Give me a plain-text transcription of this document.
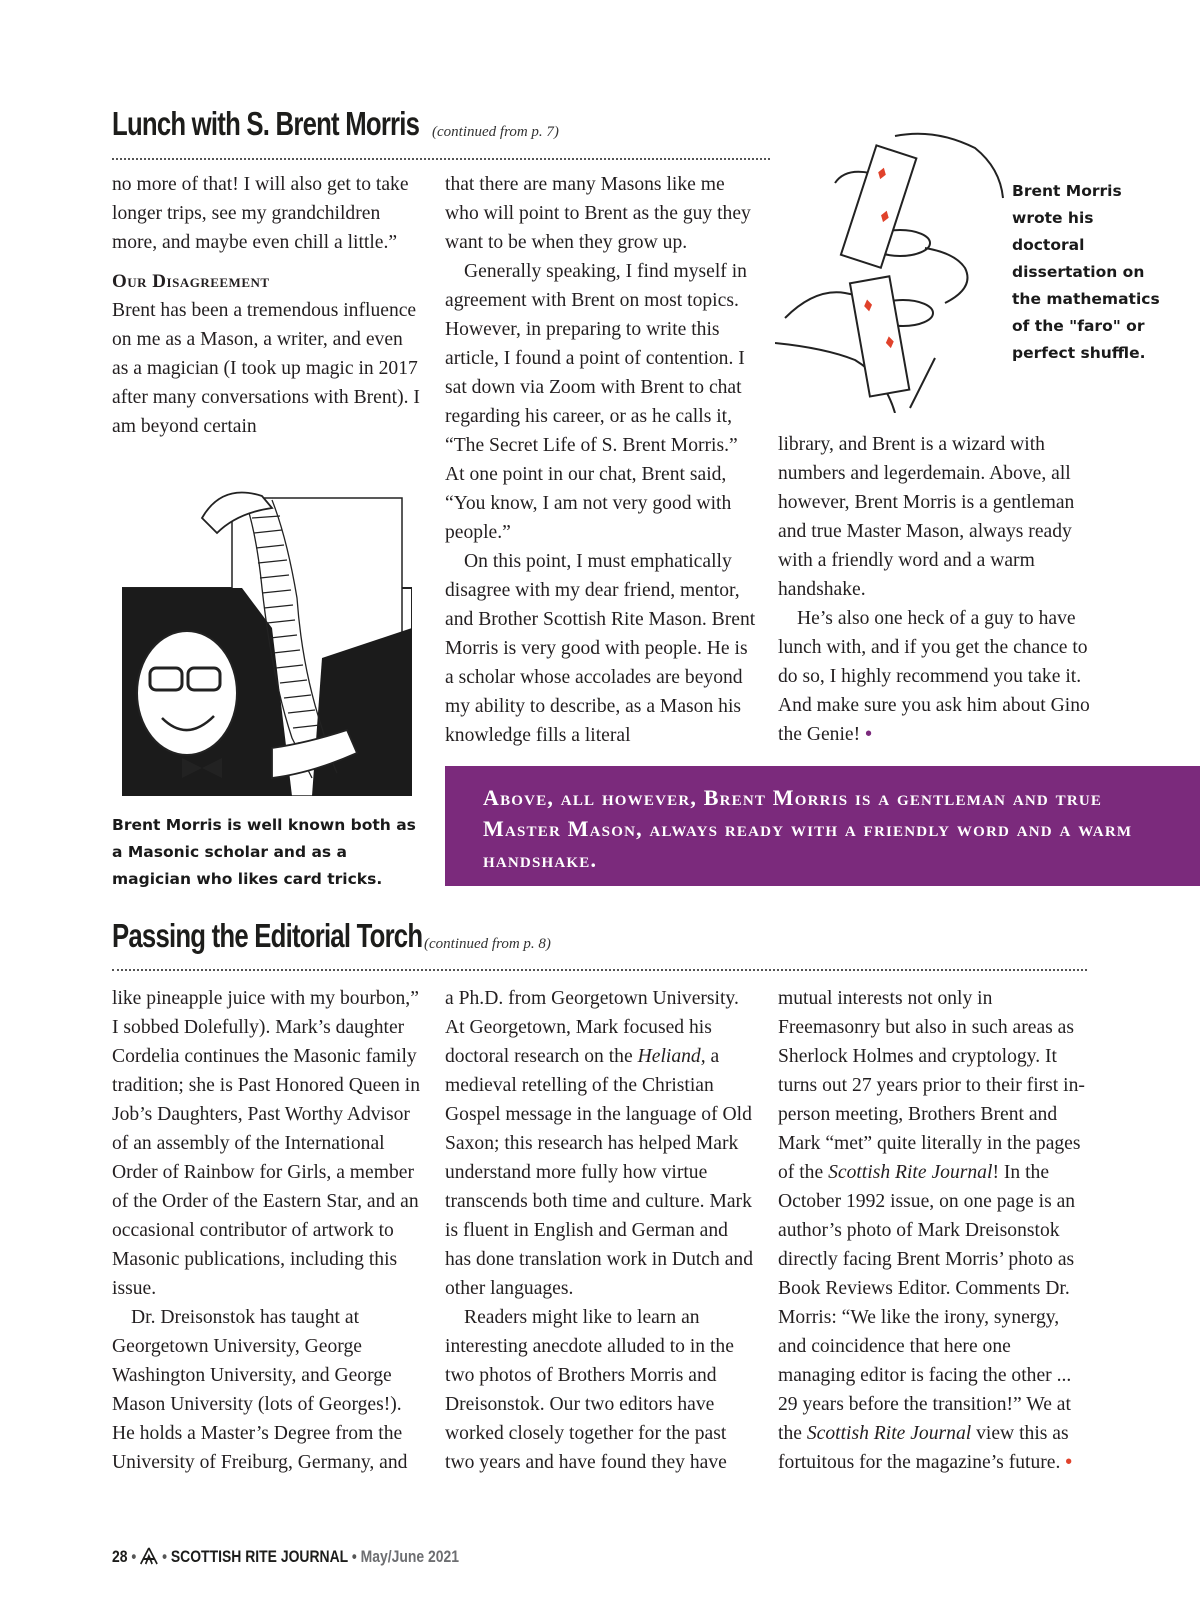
Lunch with S. Brent Morris (continued from p. 7)

no more of that! I will also get to take longer trips, see my grandchildren more, and maybe even chill a little.”

Our Disagreement

Brent has been a tremendous influence on me as a Mason, a writer, and even as a magician (I took up magic in 2017 after many conversations with Brent). I am beyond certain

Brent Morris is well known both as a Masonic scholar and as a magician who likes card tricks.

that there are many Masons like me who will point to Brent as the guy they want to be when they grow up.

Generally speaking, I find myself in agreement with Brent on most topics. However, in preparing to write this article, I found a point of contention. I sat down via Zoom with Brent to chat regarding his career, or as he calls it, “The Secret Life of S. Brent Morris.” At one point in our chat, Brent said, “You know, I am not very good with people.”

On this point, I must emphatically disagree with my dear friend, mentor, and Brother Scottish Rite Mason. Brent Morris is very good with people. He is a scholar whose accolades are beyond my ability to describe, as a Mason his knowledge fills a literal

Brent Morris wrote his doctoral dissertation on the mathematics of the "faro" or perfect shuffle.

library, and Brent is a wizard with numbers and legerdemain. Above, all however, Brent Morris is a gentleman and true Master Mason, always ready with a friendly word and a warm handshake.

He’s also one heck of a guy to have lunch with, and if you get the chance to do so, I highly recommend you take it. And make sure you ask him about Gino the Genie! •

Above, all however, Brent Morris is a gentleman and true Master Mason, always ready with a friendly word and a warm handshake.
Passing the Editorial Torch (continued from p. 8)

like pineapple juice with my bourbon,” I sobbed Dolefully). Mark’s daughter Cordelia continues the Masonic family tradition; she is Past Honored Queen in Job’s Daughters, Past Worthy Advisor of an assembly of the International Order of Rainbow for Girls, a member of the Order of the Eastern Star, and an occasional contributor of artwork to Masonic publications, including this issue.

Dr. Dreisonstok has taught at Georgetown University, George Washington University, and George Mason University (lots of Georges!). He holds a Master’s Degree from the University of Freiburg, Germany, and

a Ph.D. from Georgetown University. At Georgetown, Mark focused his doctoral research on the Heliand, a medieval retelling of the Christian Gospel message in the language of Old Saxon; this research has helped Mark understand more fully how virtue transcends both time and culture. Mark is fluent in English and German and has done translation work in Dutch and other languages.

Readers might like to learn an interesting anecdote alluded to in the two photos of Brothers Morris and Dreisonstok. Our two editors have worked closely together for the past two years and have found they have

mutual interests not only in Freemasonry but also in such areas as Sherlock Holmes and cryptology. It turns out 27 years prior to their first in-person meeting, Brothers Brent and Mark “met” quite literally in the pages of the Scottish Rite Journal! In the October 1992 issue, on one page is an author’s photo of Mark Dreisonstok directly facing Brent Morris’ photo as Book Reviews Editor. Comments Dr. Morris: “We like the irony, synergy, and coincidence that here one managing editor is facing the other ... 29 years before the transition!” We at the Scottish Rite Journal view this as fortuitous for the magazine’s future. •

28 • • SCOTTISH RITE JOURNAL • May/June 2021
